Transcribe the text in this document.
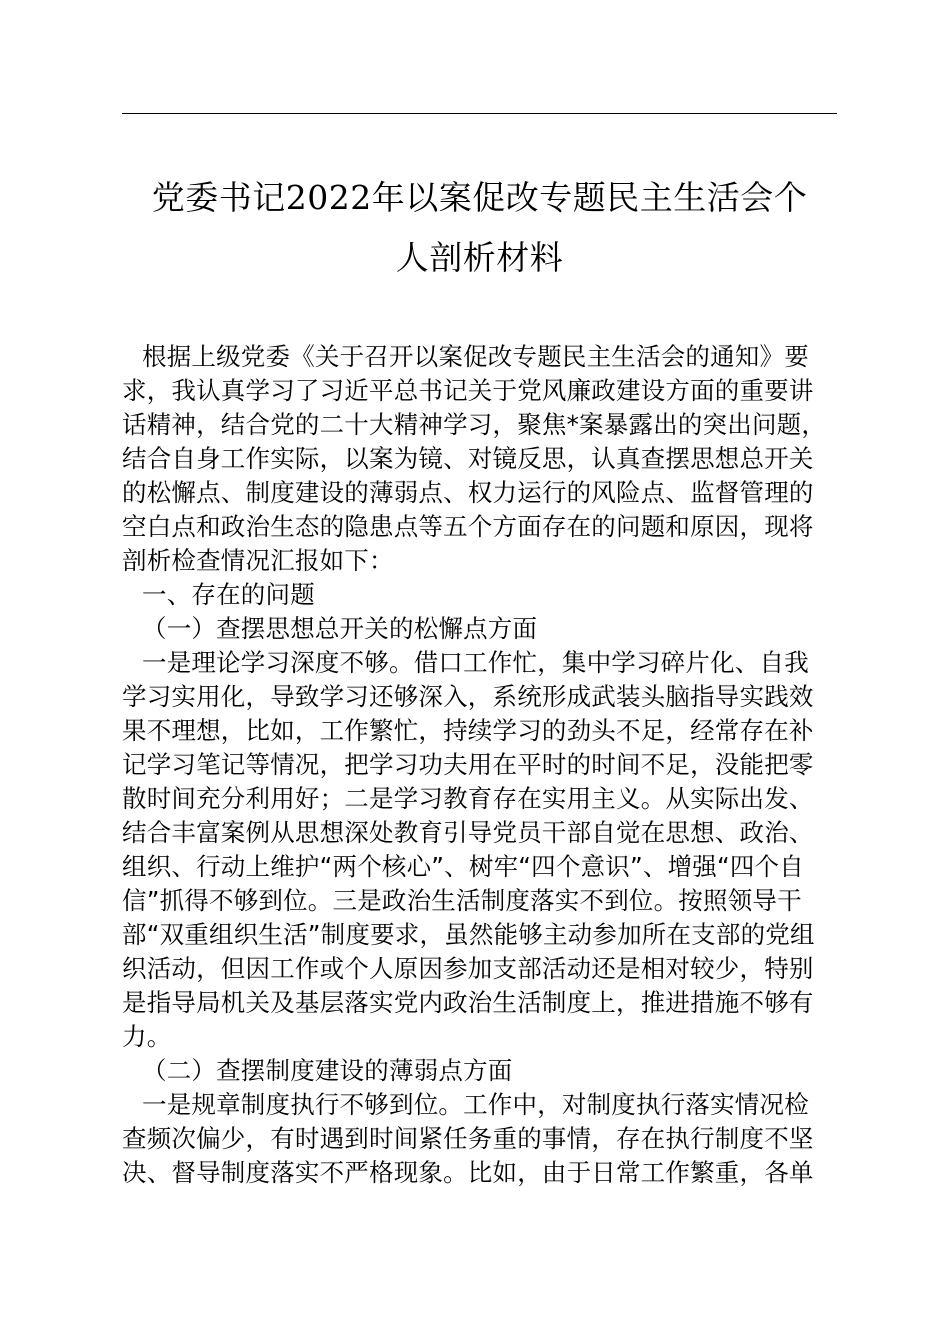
党委书记2022年以案促改专题民主生活会个
人剖析材料
根据上级党委《关于召开以案促改专题民主生活会的通知》要
求，我认真学习了习近平总书记关于党风廉政建设方面的重要讲
话精神，结合党的二十大精神学习，聚焦*案暴露出的突出问题，
结合自身工作实际，以案为镜、对镜反思，认真查摆思想总开关
的松懈点、制度建设的薄弱点、权力运行的风险点、监督管理的
空白点和政治生态的隐患点等五个方面存在的问题和原因，现将
剖析检查情况汇报如下：
一、存在的问题
（一）查摆思想总开关的松懈点方面
一是理论学习深度不够。借口工作忙，集中学习碎片化、自我
学习实用化，导致学习还够深入，系统形成武装头脑指导实践效
果不理想，比如，工作繁忙，持续学习的劲头不足，经常存在补
记学习笔记等情况，把学习功夫用在平时的时间不足，没能把零
散时间充分利用好；二是学习教育存在实用主义。从实际出发、
结合丰富案例从思想深处教育引导党员干部自觉在思想、政治、
组织、行动上维护“两个核心”、树牢“四个意识”、增强“四个自
信”抓得不够到位。三是政治生活制度落实不到位。按照领导干
部“双重组织生活”制度要求，虽然能够主动参加所在支部的党组
织活动，但因工作或个人原因参加支部活动还是相对较少，特别
是指导局机关及基层落实党内政治生活制度上，推进措施不够有
力。
（二）查摆制度建设的薄弱点方面
一是规章制度执行不够到位。工作中，对制度执行落实情况检
查频次偏少，有时遇到时间紧任务重的事情，存在执行制度不坚
决、督导制度落实不严格现象。比如，由于日常工作繁重，各单
